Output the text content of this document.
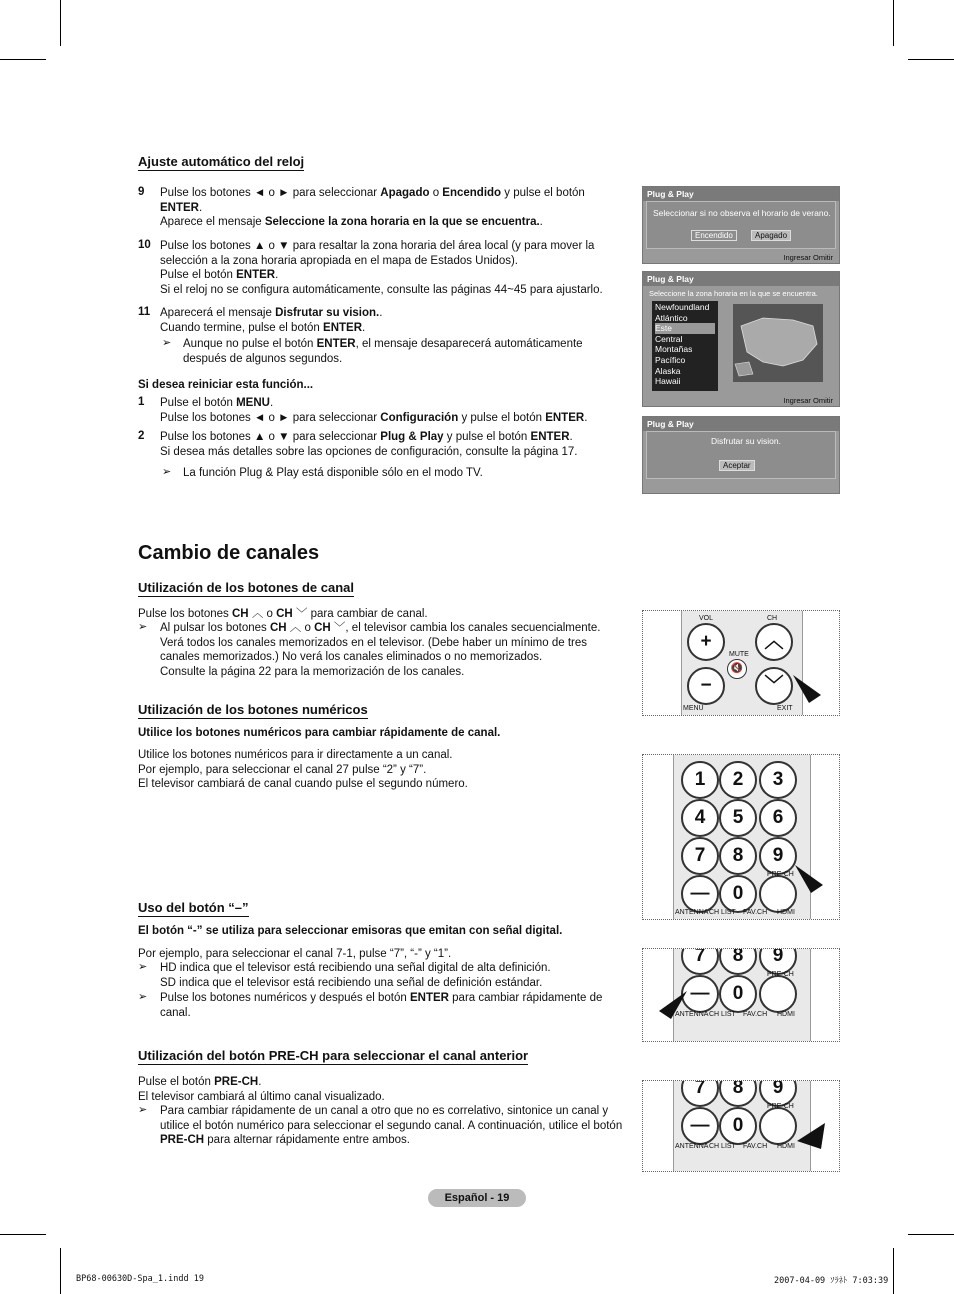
Ajuste automático del reloj
9 Pulse los botones ◄ o ► para seleccionar Apagado o Encendido y pulse el botón
ENTER.
Aparece el mensaje Seleccione la zona horaria en la que se encuentra..
10 Pulse los botones ▲ o ▼ para resaltar la zona horaria del área local (y para mover la
selección a la zona horaria apropiada en el mapa de Estados Unidos).
Pulse el botón ENTER.
Si el reloj no se configura automáticamente, consulte las páginas 44~45 para ajustarlo.
11 Aparecerá el mensaje Disfrutar su vision..
Cuando termine, pulse el botón ENTER.
➢ Aunque no pulse el botón ENTER, el mensaje desaparecerá automáticamente
después de algunos segundos.
Si desea reiniciar esta función...
1 Pulse el botón MENU.
Pulse los botones ◄ o ► para seleccionar Configuración y pulse el botón ENTER.
2 Pulse los botones ▲ o ▼ para seleccionar Plug & Play y pulse el botón ENTER.
Si desea más detalles sobre las opciones de configuración, consulte la página 17.
➢ La función Plug & Play está disponible sólo en el modo TV.
Plug & Play
Seleccionar si no observa el horario de verano.
Encendido	Apagado
Ingresar Omitir
Plug & Play
Seleccione la zona horaria en la que se encuentra.
Newfoundland
Atlántico
Este
Central
Montañas
Pacífico
Alaska
Hawaii
Ingresar Omitir
Plug & Play
Disfrutar su vision.
Aceptar
Cambio de canales
Utilización de los botones de canal
Pulse los botones CH ︿ o CH ﹀ para cambiar de canal.
➢ Al pulsar los botones CH ︿ o CH ﹀, el televisor cambia los canales secuencialmente.
Verá todos los canales memorizados en el televisor. (Debe haber un mínimo de tres
canales memorizados.) No verá los canales eliminados o no memorizados.
Consulte la página 22 para la memorización de los canales.
Utilización de los botones numéricos
Utilice los botones numéricos para cambiar rápidamente de canal.
Utilice los botones numéricos para ir directamente a un canal.
Por ejemplo, para seleccionar el canal 27 pulse “2” y “7”.
El televisor cambiará de canal cuando pulse el segundo número.
Uso del botón “–”
El botón “-” se utiliza para seleccionar emisoras que emitan con señal digital.
Por ejemplo, para seleccionar el canal 7-1, pulse “7”, “-” y “1”.
➢ HD indica que el televisor está recibiendo una señal digital de alta definición.
SD indica que el televisor está recibiendo una señal de definición estándar.
➢ Pulse los botones numéricos y después el botón ENTER para cambiar rápidamente de
canal.
Utilización del botón PRE-CH para seleccionar el canal anterior
Pulse el botón PRE-CH.
El televisor cambiará al último canal visualizado.
➢ Para cambiar rápidamente de un canal a otro que no es correlativo, sintonice un canal y
utilice el botón numérico para seleccionar el segundo canal. A continuación, utilice el botón
PRE-CH para alternar rápidamente entre ambos.
VOL	CH
+
−
︿
﹀
MUTE
🔇
MENU	EXIT
1	2	3
4	5	6
7	8	9
—	0
PRE-CH
ANTENNA CH LIST FAV.CH HDMI
7	8	9
—	0
PRE-CH
ANTENNA CH LIST FAV.CH HDMI
7	8	9
—	0
PRE-CH
ANTENNA CH LIST FAV.CH HDMI
Español - 19
BP68-00630D-Spa_1.indd 19	2007-04-09 ｿﾗﾈﾄ 7:03:39
